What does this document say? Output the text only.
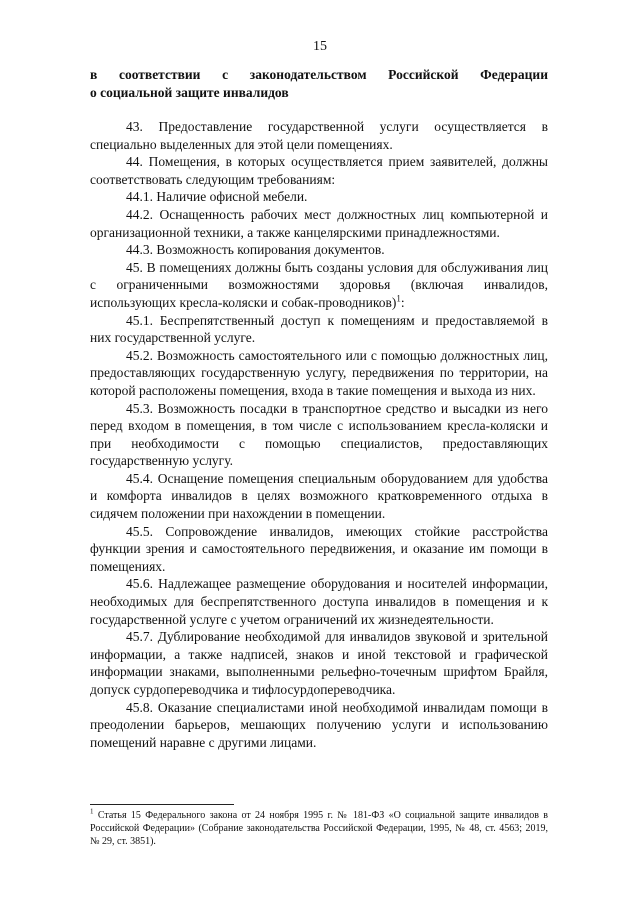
15
в соответствии с законодательством Российской Федерации
о социальной защите инвалидов

43. Предоставление государственной услуги осуществляется в специально выделенных для этой цели помещениях.

44. Помещения, в которых осуществляется прием заявителей, должны соответствовать следующим требованиям:

44.1. Наличие офисной мебели.

44.2. Оснащенность рабочих мест должностных лиц компьютерной и организационной техники, а также канцелярскими принадлежностями.

44.3. Возможность копирования документов.

45. В помещениях должны быть созданы условия для обслуживания лиц с ограниченными возможностями здоровья (включая инвалидов, использующих кресла-коляски и собак-проводников)$^1$:

45.1. Беспрепятственный доступ к помещениям и предоставляемой в них государственной услуге.

45.2. Возможность самостоятельного или с помощью должностных лиц, предоставляющих государственную услугу, передвижения по территории, на которой расположены помещения, входа в такие помещения и выхода из них.

45.3. Возможность посадки в транспортное средство и высадки из него перед входом в помещения, в том числе с использованием кресла-коляски и при необходимости с помощью специалистов, предоставляющих государственную услугу.

45.4. Оснащение помещения специальным оборудованием для удобства и комфорта инвалидов в целях возможного кратковременного отдыха в сидячем положении при нахождении в помещении.

45.5. Сопровождение инвалидов, имеющих стойкие расстройства функции зрения и самостоятельного передвижения, и оказание им помощи в помещениях.

45.6. Надлежащее размещение оборудования и носителей информации, необходимых для беспрепятственного доступа инвалидов в помещения и к государственной услуге с учетом ограничений их жизнедеятельности.

45.7. Дублирование необходимой для инвалидов звуковой и зрительной информации, а также надписей, знаков и иной текстовой и графической информации знаками, выполненными рельефно-точечным шрифтом Брайля, допуск сурдопереводчика и тифлосурдопереводчика.

45.8. Оказание специалистами иной необходимой инвалидам помощи в преодолении барьеров, мешающих получению услуги и использованию помещений наравне с другими лицами.

$^1$ Статья 15 Федерального закона от 24 ноября 1995 г. № 181-ФЗ «О социальной защите инвалидов в Российской Федерации» (Собрание законодательства Российской Федерации, 1995, № 48, ст. 4563; 2019, № 29, ст. 3851).
